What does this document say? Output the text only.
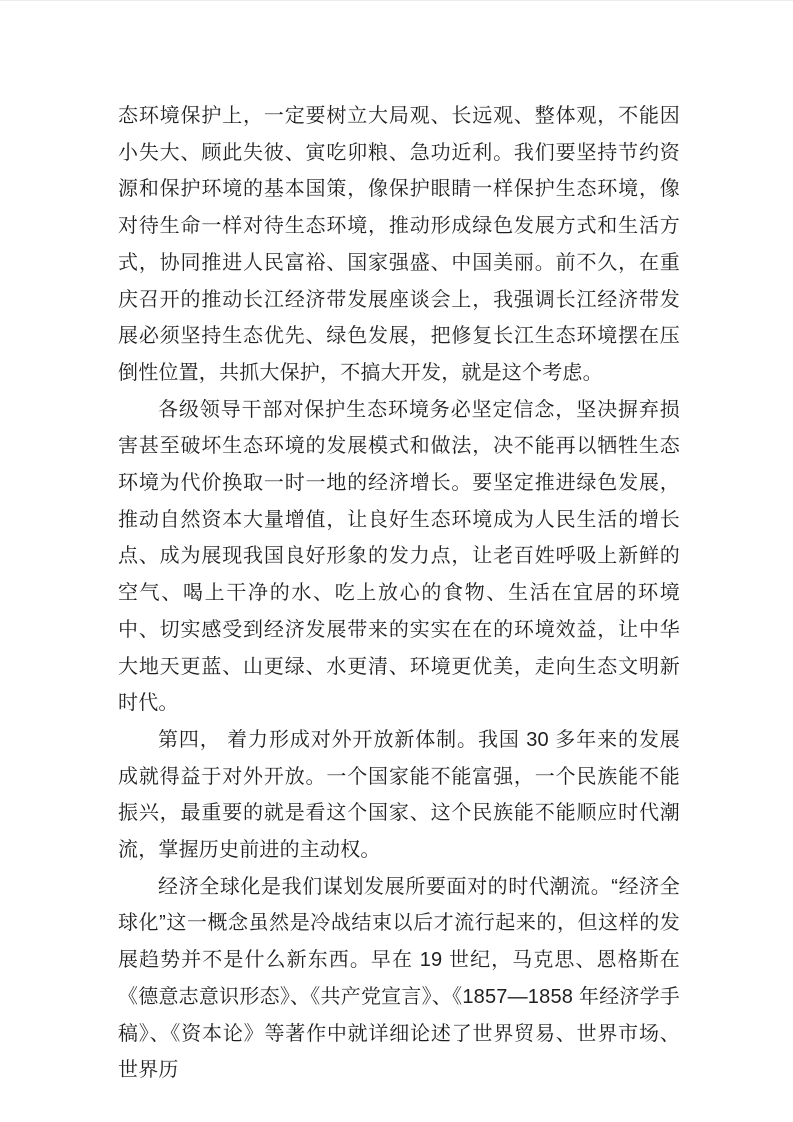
态环境保护上，一定要树立大局观、长远观、整体观，不能因小失大、顾此失彼、寅吃卯粮、急功近利。我们要坚持节约资源和保护环境的基本国策，像保护眼睛一样保护生态环境，像对待生命一样对待生态环境，推动形成绿色发展方式和生活方式，协同推进人民富裕、国家强盛、中国美丽。前不久，在重庆召开的推动长江经济带发展座谈会上，我强调长江经济带发展必须坚持生态优先、绿色发展，把修复长江生态环境摆在压倒性位置，共抓大保护，不搞大开发，就是这个考虑。

各级领导干部对保护生态环境务必坚定信念，坚决摒弃损害甚至破坏生态环境的发展模式和做法，决不能再以牺牲生态环境为代价换取一时一地的经济增长。要坚定推进绿色发展，推动自然资本大量增值，让良好生态环境成为人民生活的增长点、成为展现我国良好形象的发力点，让老百姓呼吸上新鲜的空气、喝上干净的水、吃上放心的食物、生活在宜居的环境中、切实感受到经济发展带来的实实在在的环境效益，让中华大地天更蓝、山更绿、水更清、环境更优美，走向生态文明新时代。

第四， 着力形成对外开放新体制。我国 30 多年来的发展成就得益于对外开放。一个国家能不能富强，一个民族能不能振兴，最重要的就是看这个国家、这个民族能不能顺应时代潮流，掌握历史前进的主动权。

经济全球化是我们谋划发展所要面对的时代潮流。“经济全球化”这一概念虽然是冷战结束以后才流行起来的，但这样的发展趋势并不是什么新东西。早在 19 世纪，马克思、恩格斯在《德意志意识形态》、《共产党宣言》、《1857—1858 年经济学手稿》、《资本论》等著作中就详细论述了世界贸易、世界市场、世界历
